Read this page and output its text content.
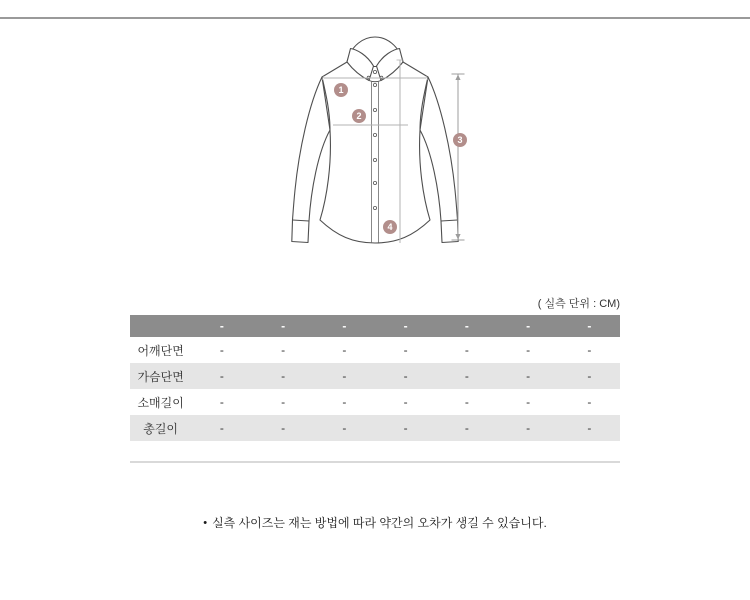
1
2
3
4
( 실측 단위 : CM)
	-	-	-	-	-	-	-
어깨단면	-	-	-	-	-	-	-
가슴단면	-	-	-	-	-	-	-
소매길이	-	-	-	-	-	-	-
총길이	-	-	-	-	-	-	-
• 실측 사이즈는 재는 방법에 따라 약간의 오차가 생길 수 있습니다.
